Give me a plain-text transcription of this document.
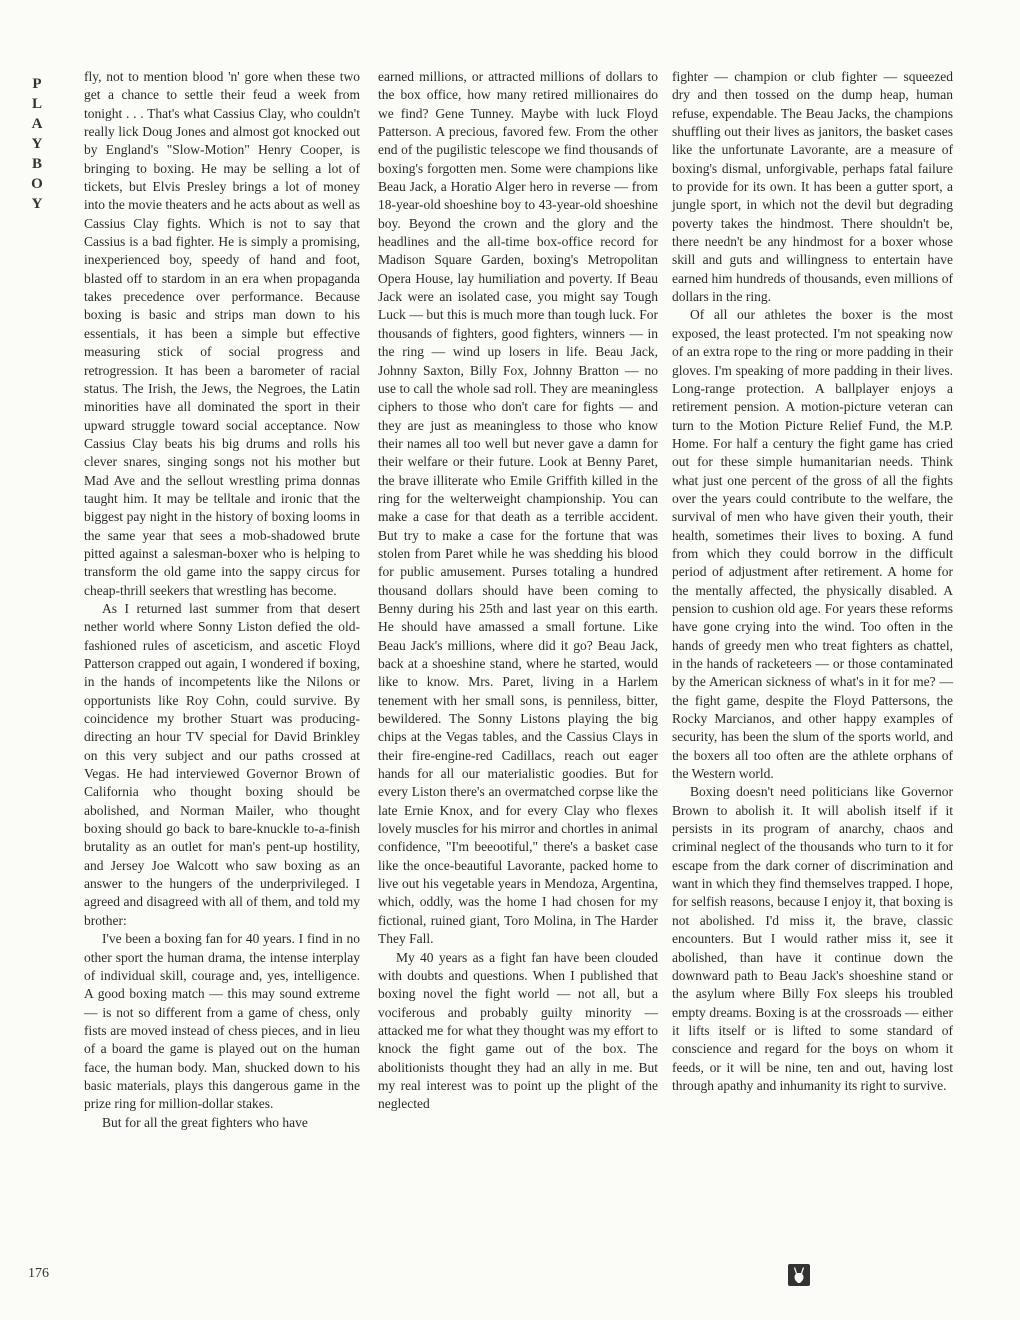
P
L
A
Y
B
O
Y

fly, not to mention blood 'n' gore when these two get a chance to settle their feud a week from tonight . . . That's what Cassius Clay, who couldn't really lick Doug Jones and almost got knocked out by England's "Slow-Motion" Henry Cooper, is bringing to boxing. He may be selling a lot of tickets, but Elvis Presley brings a lot of money into the movie theaters and he acts about as well as Cassius Clay fights. Which is not to say that Cassius is a bad fighter. He is simply a promising, inexperienced boy, speedy of hand and foot, blasted off to stardom in an era when propaganda takes precedence over performance. Because boxing is basic and strips man down to his essentials, it has been a simple but effective measuring stick of social progress and retrogression. It has been a barometer of racial status. The Irish, the Jews, the Negroes, the Latin minorities have all dominated the sport in their upward struggle toward social acceptance. Now Cassius Clay beats his big drums and rolls his clever snares, singing songs not his mother but Mad Ave and the sellout wrestling prima donnas taught him. It may be telltale and ironic that the biggest pay night in the history of boxing looms in the same year that sees a mob-shadowed brute pitted against a salesman-boxer who is helping to transform the old game into the sappy circus for cheap-thrill seekers that wrestling has become.

As I returned last summer from that desert nether world where Sonny Liston defied the old-fashioned rules of asceticism, and ascetic Floyd Patterson crapped out again, I wondered if boxing, in the hands of incompetents like the Nilons or opportunists like Roy Cohn, could survive. By coincidence my brother Stuart was producing-directing an hour TV special for David Brinkley on this very subject and our paths crossed at Vegas. He had interviewed Governor Brown of California who thought boxing should be abolished, and Norman Mailer, who thought boxing should go back to bare-knuckle to-a-finish brutality as an outlet for man's pent-up hostility, and Jersey Joe Walcott who saw boxing as an answer to the hungers of the underprivileged. I agreed and disagreed with all of them, and told my brother:

I've been a boxing fan for 40 years. I find in no other sport the human drama, the intense interplay of individual skill, courage and, yes, intelligence. A good boxing match — this may sound extreme — is not so different from a game of chess, only fists are moved instead of chess pieces, and in lieu of a board the game is played out on the human face, the human body. Man, shucked down to his basic materials, plays this dangerous game in the prize ring for million-dollar stakes.

But for all the great fighters who have

earned millions, or attracted millions of dollars to the box office, how many retired millionaires do we find? Gene Tunney. Maybe with luck Floyd Patterson. A precious, favored few. From the other end of the pugilistic telescope we find thousands of boxing's forgotten men. Some were champions like Beau Jack, a Horatio Alger hero in reverse — from 18-year-old shoeshine boy to 43-year-old shoeshine boy. Beyond the crown and the glory and the headlines and the all-time box-office record for Madison Square Garden, boxing's Metropolitan Opera House, lay humiliation and poverty. If Beau Jack were an isolated case, you might say Tough Luck — but this is much more than tough luck. For thousands of fighters, good fighters, winners — in the ring — wind up losers in life. Beau Jack, Johnny Saxton, Billy Fox, Johnny Bratton — no use to call the whole sad roll. They are meaningless ciphers to those who don't care for fights — and they are just as meaningless to those who know their names all too well but never gave a damn for their welfare or their future. Look at Benny Paret, the brave illiterate who Emile Griffith killed in the ring for the welterweight championship. You can make a case for that death as a terrible accident. But try to make a case for the fortune that was stolen from Paret while he was shedding his blood for public amusement. Purses totaling a hundred thousand dollars should have been coming to Benny during his 25th and last year on this earth. He should have amassed a small fortune. Like Beau Jack's millions, where did it go? Beau Jack, back at a shoeshine stand, where he started, would like to know. Mrs. Paret, living in a Harlem tenement with her small sons, is penniless, bitter, bewildered. The Sonny Listons playing the big chips at the Vegas tables, and the Cassius Clays in their fire-engine-red Cadillacs, reach out eager hands for all our materialistic goodies. But for every Liston there's an overmatched corpse like the late Ernie Knox, and for every Clay who flexes lovely muscles for his mirror and chortles in animal confidence, "I'm beeootiful," there's a basket case like the once-beautiful Lavorante, packed home to live out his vegetable years in Mendoza, Argentina, which, oddly, was the home I had chosen for my fictional, ruined giant, Toro Molina, in The Harder They Fall.

My 40 years as a fight fan have been clouded with doubts and questions. When I published that boxing novel the fight world — not all, but a vociferous and probably guilty minority — attacked me for what they thought was my effort to knock the fight game out of the box. The abolitionists thought they had an ally in me. But my real interest was to point up the plight of the neglected

fighter — champion or club fighter — squeezed dry and then tossed on the dump heap, human refuse, expendable. The Beau Jacks, the champions shuffling out their lives as janitors, the basket cases like the unfortunate Lavorante, are a measure of boxing's dismal, unforgivable, perhaps fatal failure to provide for its own. It has been a gutter sport, a jungle sport, in which not the devil but degrading poverty takes the hindmost. There shouldn't be, there needn't be any hindmost for a boxer whose skill and guts and willingness to entertain have earned him hundreds of thousands, even millions of dollars in the ring.

Of all our athletes the boxer is the most exposed, the least protected. I'm not speaking now of an extra rope to the ring or more padding in their gloves. I'm speaking of more padding in their lives. Long-range protection. A ballplayer enjoys a retirement pension. A motion-picture veteran can turn to the Motion Picture Relief Fund, the M.P. Home. For half a century the fight game has cried out for these simple humanitarian needs. Think what just one percent of the gross of all the fights over the years could contribute to the welfare, the survival of men who have given their youth, their health, sometimes their lives to boxing. A fund from which they could borrow in the difficult period of adjustment after retirement. A home for the mentally affected, the physically disabled. A pension to cushion old age. For years these reforms have gone crying into the wind. Too often in the hands of greedy men who treat fighters as chattel, in the hands of racketeers — or those contaminated by the American sickness of what's in it for me? — the fight game, despite the Floyd Pattersons, the Rocky Marcianos, and other happy examples of security, has been the slum of the sports world, and the boxers all too often are the athlete orphans of the Western world.

Boxing doesn't need politicians like Governor Brown to abolish it. It will abolish itself if it persists in its program of anarchy, chaos and criminal neglect of the thousands who turn to it for escape from the dark corner of discrimination and want in which they find themselves trapped. I hope, for selfish reasons, because I enjoy it, that boxing is not abolished. I'd miss it, the brave, classic encounters. But I would rather miss it, see it abolished, than have it continue down the downward path to Beau Jack's shoeshine stand or the asylum where Billy Fox sleeps his troubled empty dreams. Boxing is at the crossroads — either it lifts itself or is lifted to some standard of conscience and regard for the boys on whom it feeds, or it will be nine, ten and out, having lost through apathy and inhumanity its right to survive.

176
